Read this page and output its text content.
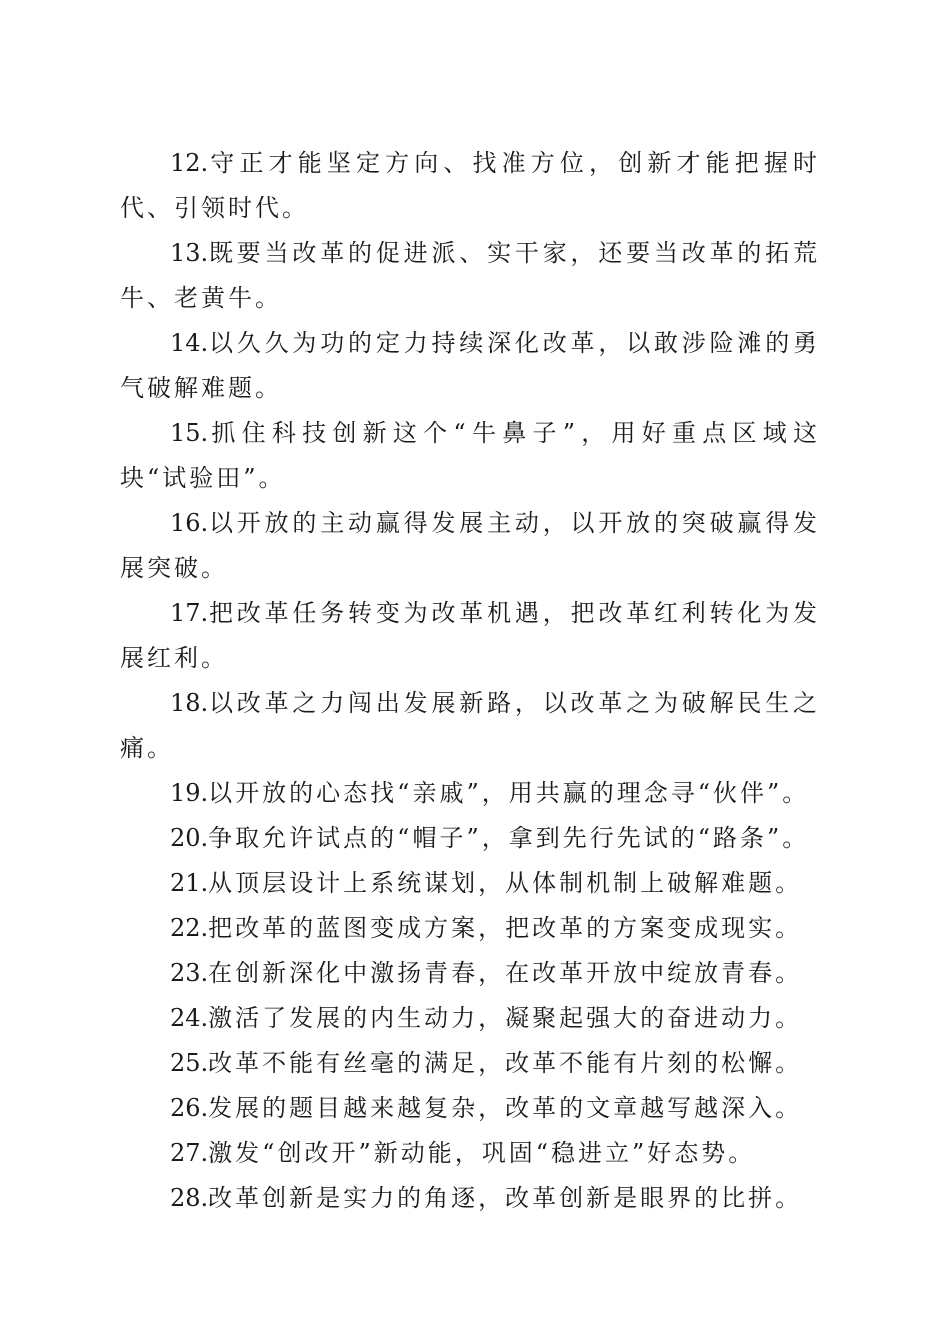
12.守正才能坚定方向、找准方位，创新才能把握时代、引领时代。

13.既要当改革的促进派、实干家，还要当改革的拓荒牛、老黄牛。

14.以久久为功的定力持续深化改革，以敢涉险滩的勇气破解难题。

15.抓住科技创新这个“牛鼻子”，用好重点区域这块“试验田”。

16.以开放的主动赢得发展主动，以开放的突破赢得发展突破。

17.把改革任务转变为改革机遇，把改革红利转化为发展红利。

18.以改革之力闯出发展新路，以改革之为破解民生之痛。

19.以开放的心态找“亲戚”，用共赢的理念寻“伙伴”。

20.争取允许试点的“帽子”，拿到先行先试的“路条”。

21.从顶层设计上系统谋划，从体制机制上破解难题。

22.把改革的蓝图变成方案，把改革的方案变成现实。

23.在创新深化中激扬青春，在改革开放中绽放青春。

24.激活了发展的内生动力，凝聚起强大的奋进动力。

25.改革不能有丝毫的满足，改革不能有片刻的松懈。

26.发展的题目越来越复杂，改革的文章越写越深入。

27.激发“创改开”新动能，巩固“稳进立”好态势。

28.改革创新是实力的角逐，改革创新是眼界的比拼。
